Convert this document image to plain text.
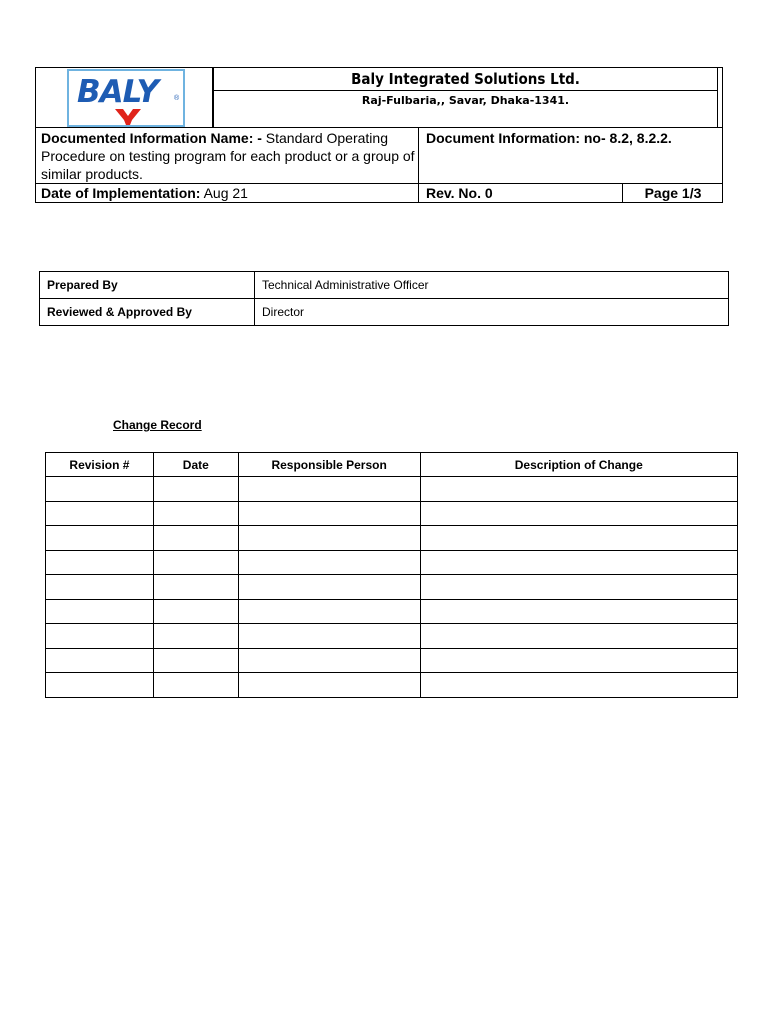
BALY ®
Baly Integrated Solutions Ltd.
Raj-Fulbaria,, Savar, Dhaka-1341.
Documented Information Name: - Standard Operating Procedure on testing program for each product or a group of similar products.
Document Information: no- 8.2, 8.2.2.
Date of Implementation: Aug 21	Rev. No. 0	Page 1/3
Prepared By	Technical Administrative Officer
Reviewed & Approved By	Director
Change Record
Revision #	Date	Responsible Person	Description of Change
